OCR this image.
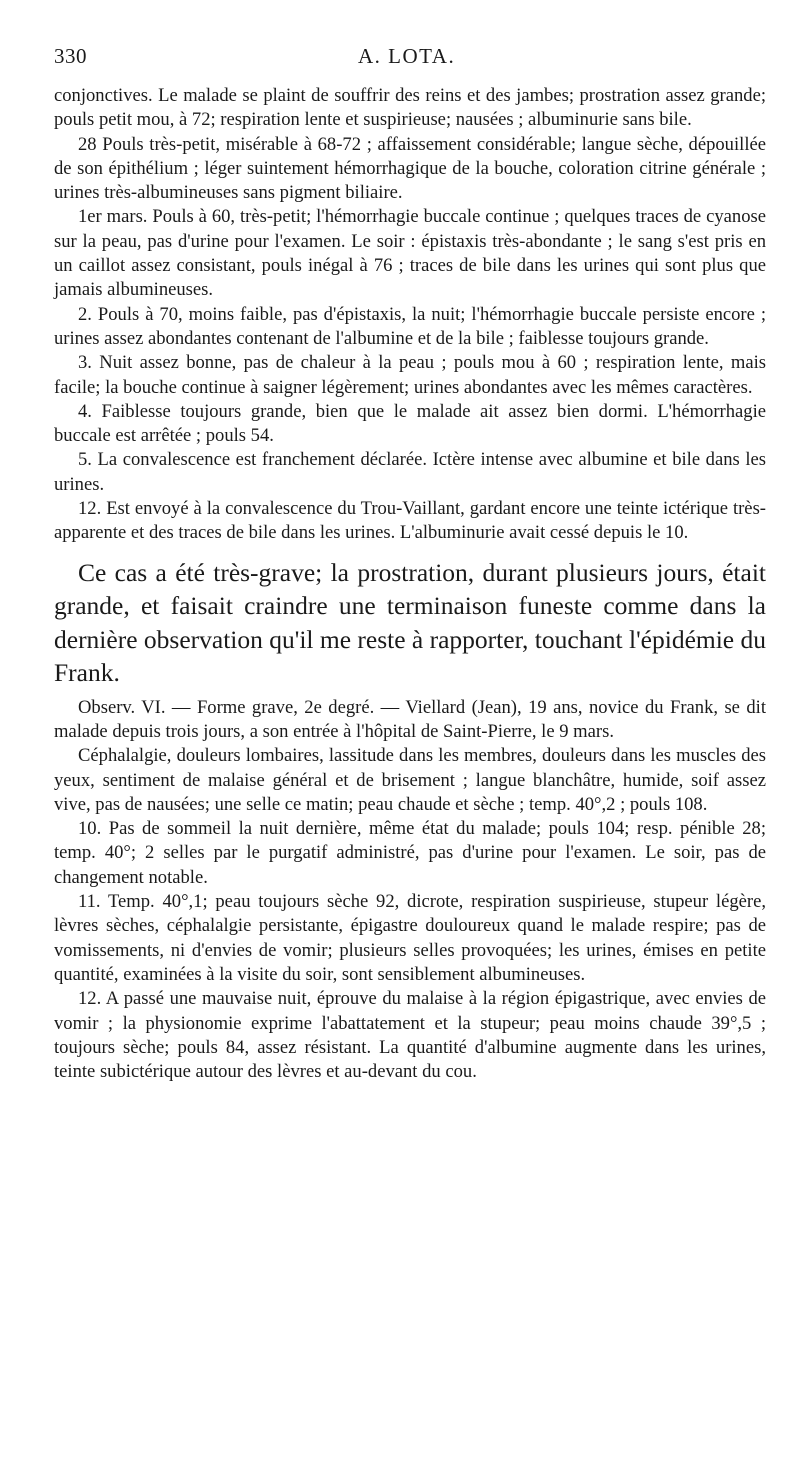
330	A. LOTA.

conjonctives. Le malade se plaint de souffrir des reins et des jambes; prostration assez grande; pouls petit mou, à 72; respiration lente et suspirieuse; nausées ; albuminurie sans bile.

28 Pouls très-petit, misérable à 68-72 ; affaissement considérable; langue sèche, dépouillée de son épithélium ; léger suintement hémorrhagique de la bouche, coloration citrine générale ; urines très-albumineuses sans pigment biliaire.

1er mars. Pouls à 60, très-petit; l'hémorrhagie buccale continue ; quelques traces de cyanose sur la peau, pas d'urine pour l'examen. Le soir : épistaxis très-abondante ; le sang s'est pris en un caillot assez consistant, pouls inégal à 76 ; traces de bile dans les urines qui sont plus que jamais albumineuses.

2. Pouls à 70, moins faible, pas d'épistaxis, la nuit; l'hémorrhagie buccale persiste encore ; urines assez abondantes contenant de l'albumine et de la bile ; faiblesse toujours grande.

3. Nuit assez bonne, pas de chaleur à la peau ; pouls mou à 60 ; respiration lente, mais facile; la bouche continue à saigner légèrement; urines abondantes avec les mêmes caractères.

4. Faiblesse toujours grande, bien que le malade ait assez bien dormi. L'hémorrhagie buccale est arrêtée ; pouls 54.

5. La convalescence est franchement déclarée. Ictère intense avec albumine et bile dans les urines.

12. Est envoyé à la convalescence du Trou-Vaillant, gardant encore une teinte ictérique très-apparente et des traces de bile dans les urines. L'albuminurie avait cessé depuis le 10.

Ce cas a été très-grave; la prostration, durant plusieurs jours, était grande, et faisait craindre une terminaison funeste comme dans la dernière observation qu'il me reste à rapporter, touchant l'épidémie du Frank.

Observ. VI. — Forme grave, 2e degré. — Viellard (Jean), 19 ans, novice du Frank, se dit malade depuis trois jours, a son entrée à l'hôpital de Saint-Pierre, le 9 mars.

Céphalalgie, douleurs lombaires, lassitude dans les membres, douleurs dans les muscles des yeux, sentiment de malaise général et de brisement ; langue blanchâtre, humide, soif assez vive, pas de nausées; une selle ce matin; peau chaude et sèche ; temp. 40°,2 ; pouls 108.

10. Pas de sommeil la nuit dernière, même état du malade; pouls 104; resp. pénible 28; temp. 40°; 2 selles par le purgatif administré, pas d'urine pour l'examen. Le soir, pas de changement notable.

11. Temp. 40°,1; peau toujours sèche 92, dicrote, respiration suspirieuse, stupeur légère, lèvres sèches, céphalalgie persistante, épigastre douloureux quand le malade respire; pas de vomissements, ni d'envies de vomir; plusieurs selles provoquées; les urines, émises en petite quantité, examinées à la visite du soir, sont sensiblement albumineuses.

12. A passé une mauvaise nuit, éprouve du malaise à la région épigastrique, avec envies de vomir ; la physionomie exprime l'abattatement et la stupeur; peau moins chaude 39°,5 ; toujours sèche; pouls 84, assez résistant. La quantité d'albumine augmente dans les urines, teinte subictérique autour des lèvres et au-devant du cou.
